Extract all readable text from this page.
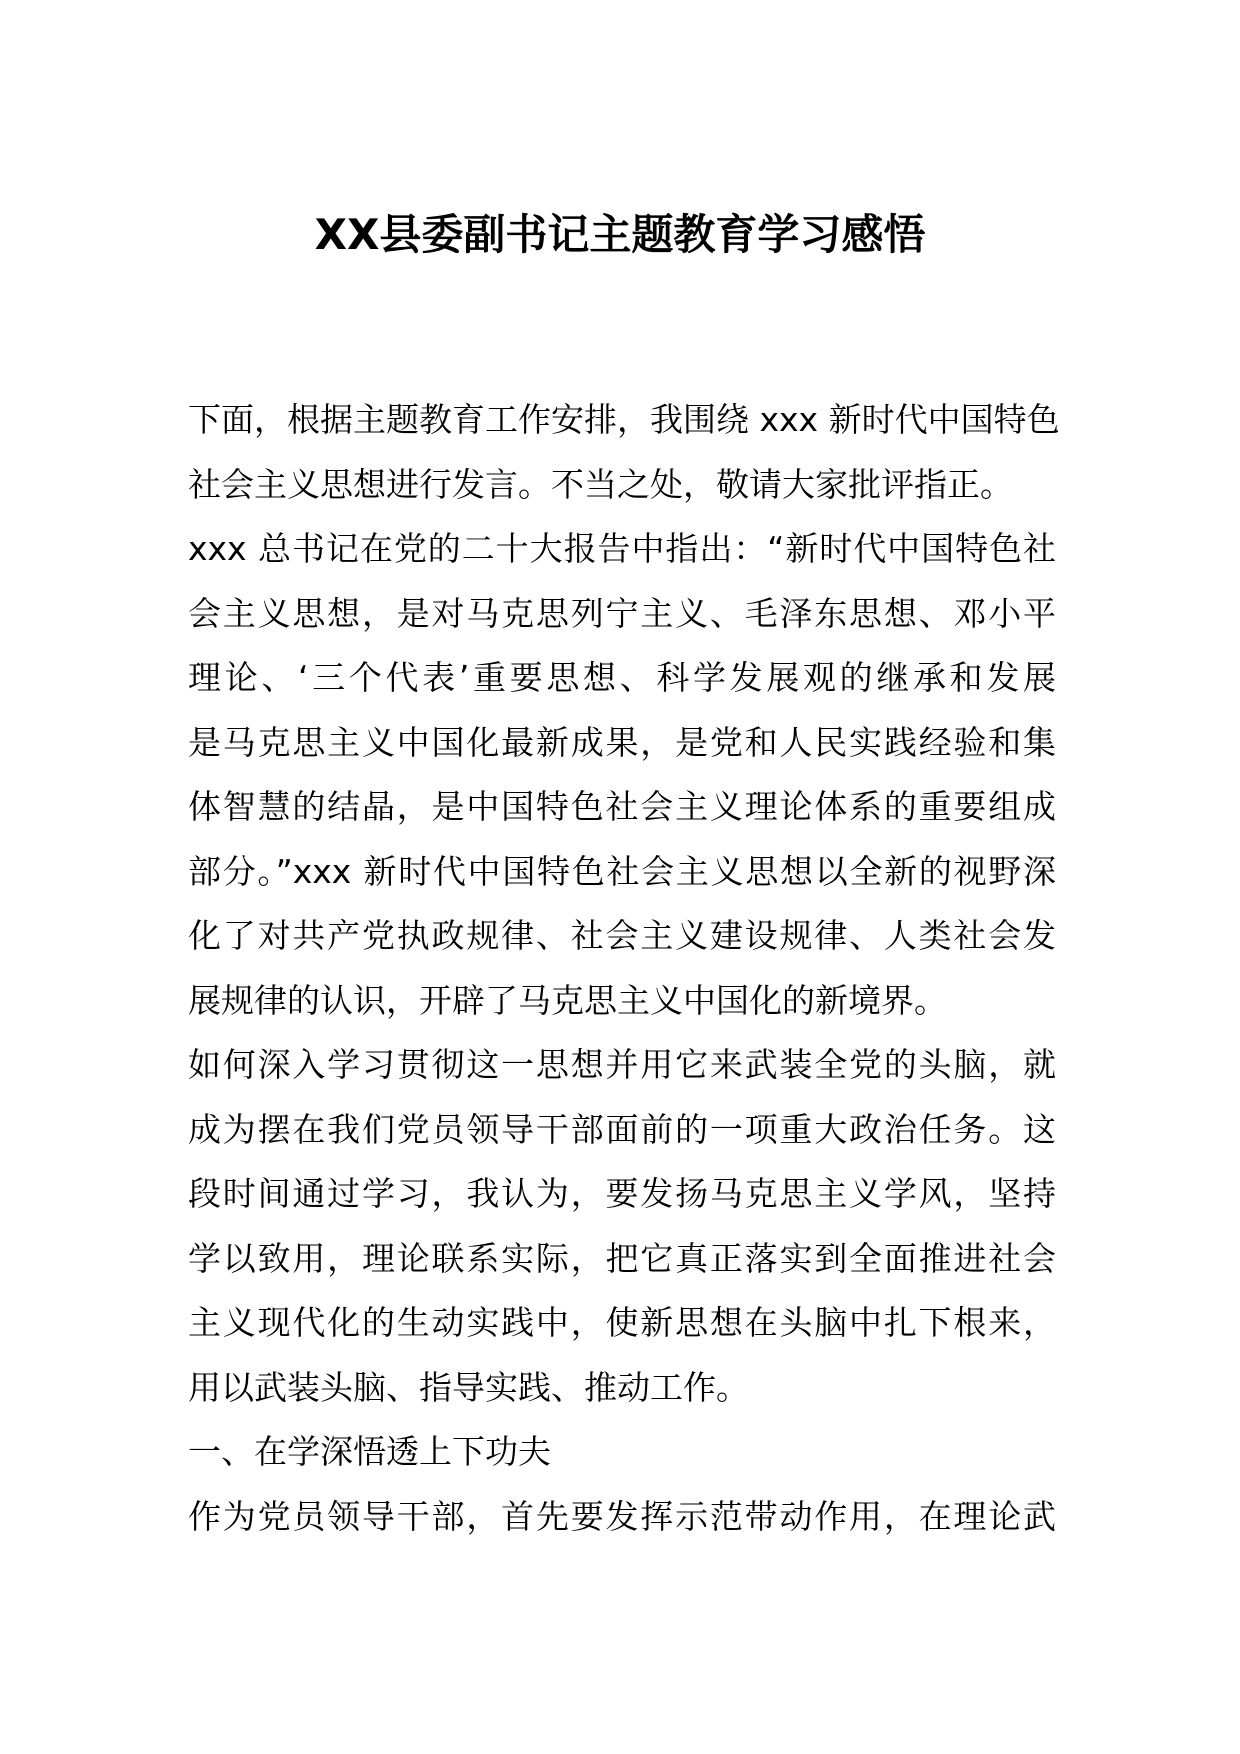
XX县委副书记主题教育学习感悟
下面，根据主题教育工作安排，我围绕 xxx 新时代中国特色
社会主义思想进行发言。不当之处，敬请大家批评指正。
xxx 总书记在党的二十大报告中指出：“新时代中国特色社
会主义思想，是对马克思列宁主义、毛泽东思想、邓小平
理论、‘三个代表’重要思想、科学发展观的继承和发展
是马克思主义中国化最新成果，是党和人民实践经验和集
体智慧的结晶，是中国特色社会主义理论体系的重要组成
部分。”xxx 新时代中国特色社会主义思想以全新的视野深
化了对共产党执政规律、社会主义建设规律、人类社会发
展规律的认识，开辟了马克思主义中国化的新境界。
如何深入学习贯彻这一思想并用它来武装全党的头脑，就
成为摆在我们党员领导干部面前的一项重大政治任务。这
段时间通过学习，我认为，要发扬马克思主义学风，坚持
学以致用，理论联系实际，把它真正落实到全面推进社会
主义现代化的生动实践中，使新思想在头脑中扎下根来，
用以武装头脑、指导实践、推动工作。
一、在学深悟透上下功夫
作为党员领导干部，首先要发挥示范带动作用，在理论武
